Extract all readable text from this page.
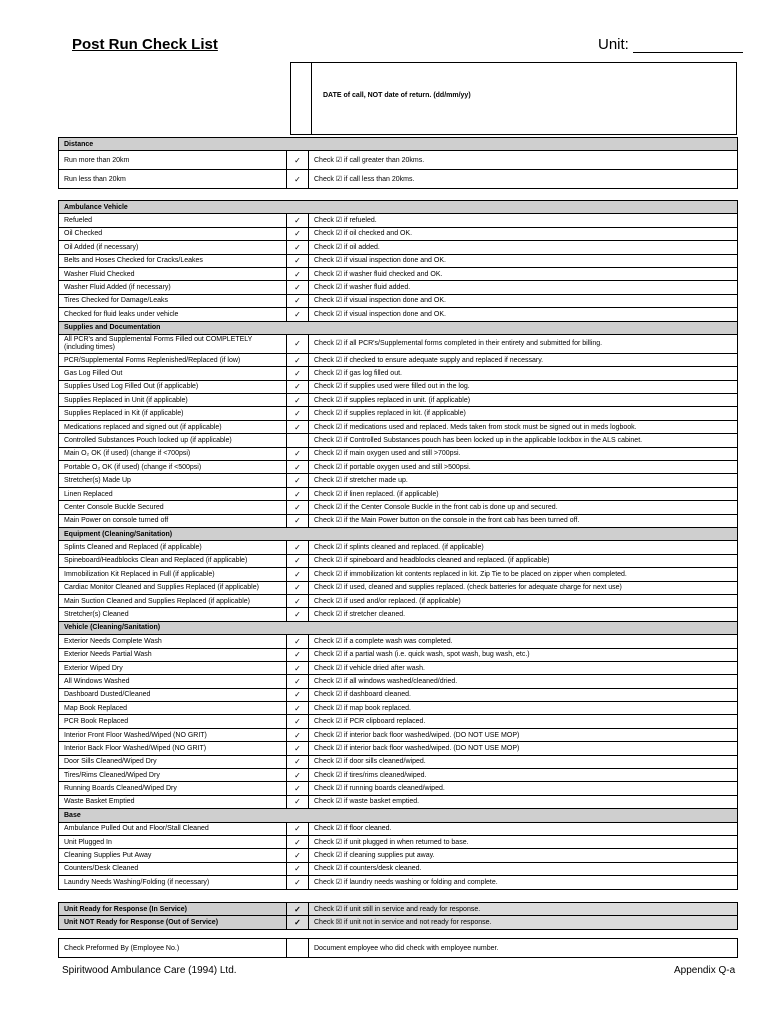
Post Run Check List	Unit:
DATE of call, NOT date of return. (dd/mm/yy)
Distance		
Run more than 20km	✓	Check ☑ if call greater than 20kms.
Run less than 20km	✓	Check ☑ if call less than 20kms.
Ambulance Vehicle		
Refueled	✓	Check ☑ if refueled.
Oil Checked	✓	Check ☑ if oil checked and OK.
Oil Added (if necessary)	✓	Check ☑ if oil added.
Belts and Hoses Checked for Cracks/Leakes	✓	Check ☑ if visual inspection done and OK.
Washer Fluid Checked	✓	Check ☑ if washer fluid checked and OK.
Washer Fluid Added (if necessary)	✓	Check ☑ if washer fluid added.
Tires Checked for Damage/Leaks	✓	Check ☑ if visual inspection done and OK.
Checked for fluid leaks under vehicle	✓	Check ☑ if visual inspection done and OK.
Supplies and Documentation		
All PCR's and Supplemental Forms Filled out COMPLETELY (including times)	✓	Check ☑ if all PCR's/Supplemental forms completed in their entirety and submitted for billing.
PCR/Supplemental Forms Replenished/Replaced (if low)	✓	Check ☑ if checked to ensure adequate supply and replaced if necessary.
Gas Log Filled Out	✓	Check ☑ if gas log filled out.
Supplies Used Log Filled Out (if applicable)	✓	Check ☑ if supplies used were filled out in the log.
Supplies Replaced in Unit (if applicable)	✓	Check ☑ if supplies replaced in unit. (if applicable)
Supplies Replaced in Kit (if applicable)	✓	Check ☑ if supplies replaced in kit. (if applicable)
Medications replaced and signed out (if applicable)	✓	Check ☑ if medications used and replaced. Meds taken from stock must be signed out in meds logbook.
Controlled Substances Pouch locked up (if applicable)		Check ☑ if Controlled Substances pouch has been locked up in the applicable lockbox in the ALS cabinet.
Main O₂ OK (if used) (change if <700psi)	✓	Check ☑ if main oxygen used and still >700psi.
Portable O₂ OK (if used) (change if <500psi)	✓	Check ☑ if portable oxygen used and still >500psi.
Stretcher(s) Made Up	✓	Check ☑ if stretcher made up.
Linen Replaced	✓	Check ☑ if linen replaced. (if applicable)
Center Console Buckle Secured	✓	Check ☑ if the Center Console Buckle in the front cab is done up and secured.
Main Power on console turned off	✓	Check ☑ if the Main Power button on the console in the front cab has been turned off.
Equipment (Cleaning/Sanitation)		
Splints Cleaned and Replaced (if applicable)	✓	Check ☑ if splints cleaned and replaced. (if applicable)
Spineboard/Headblocks Clean and Replaced (if applicable)	✓	Check ☑ if spineboard and headblocks cleaned and replaced. (if applicable)
Immobilization Kit Replaced in Full (if applicable)	✓	Check ☑ if immobilization kit contents replaced in kit. Zip Tie to be placed on zipper when completed.
Cardiac Monitor Cleaned and Supplies Replaced (if applicable)	✓	Check ☑ if used, cleaned and supplies replaced. (check batteries for adequate charge for next use)
Main Suction Cleaned and Supplies Replaced (if applicable)	✓	Check ☑ if used and/or replaced. (if applicable)
Stretcher(s) Cleaned	✓	Check ☑ if stretcher cleaned.
Vehicle (Cleaning/Sanitation)		
Exterior Needs Complete Wash	✓	Check ☑ if a complete wash was completed.
Exterior Needs Partial Wash	✓	Check ☑ if a partial wash (i.e. quick wash, spot wash, bug wash, etc.)
Exterior Wiped Dry	✓	Check ☑ if vehicle dried after wash.
All Windows Washed	✓	Check ☑ if all windows washed/cleaned/dried.
Dashboard Dusted/Cleaned	✓	Check ☑ if dashboard cleaned.
Map Book Replaced	✓	Check ☑ if map book replaced.
PCR Book Replaced	✓	Check ☑ if PCR clipboard replaced.
Interior Front Floor Washed/Wiped (NO GRIT)	✓	Check ☑ if interior back floor washed/wiped. (DO NOT USE MOP)
Interior Back Floor Washed/Wiped (NO GRIT)	✓	Check ☑ if interior back floor washed/wiped. (DO NOT USE MOP)
Door Sills Cleaned/Wiped Dry	✓	Check ☑ if door sills cleaned/wiped.
Tires/Rims Cleaned/Wiped Dry	✓	Check ☑ if tires/rims cleaned/wiped.
Running Boards Cleaned/Wiped Dry	✓	Check ☑ if running boards cleaned/wiped.
Waste Basket Emptied	✓	Check ☑ if waste basket emptied.
Base		
Ambulance Pulled Out and Floor/Stall Cleaned	✓	Check ☑ if floor cleaned.
Unit Plugged In	✓	Check ☑ if unit plugged in when returned to base.
Cleaning Supplies Put Away	✓	Check ☑ if cleaning supplies put away.
Counters/Desk Cleaned	✓	Check ☑ if counters/desk cleaned.
Laundry Needs Washing/Folding (if necessary)	✓	Check ☑ if laundry needs washing or folding and complete.
Unit Ready for Response (In Service)	✓	Check ☑ if unit still in service and ready for response.
Unit NOT Ready for Response (Out of Service)	✓	Check ☒ if unit not in service and not ready for response.
Check Preformed By (Employee No.)		Document employee who did check with employee number.
Spiritwood Ambulance Care (1994) Ltd.	Appendix Q-a
